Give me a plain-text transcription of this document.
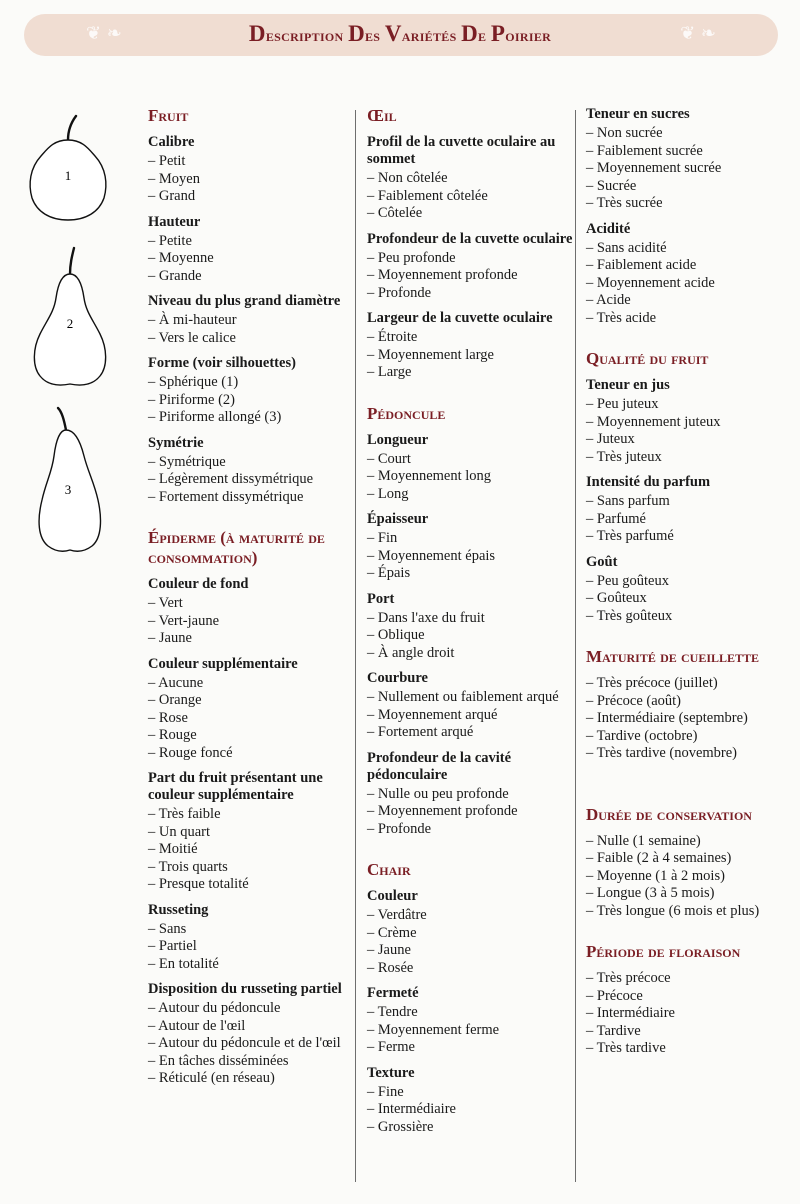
❦ ❧	❦ ❧
Description Des Variétés De Poirier
1
2
3
Fruit
Calibre
– Petit
– Moyen
– Grand
Hauteur
– Petite
– Moyenne
– Grande
Niveau du plus grand diamètre
– À mi-hauteur
– Vers le calice
Forme (voir silhouettes)
– Sphérique (1)
– Piriforme (2)
– Piriforme allongé (3)
Symétrie
– Symétrique
– Légèrement dissymétrique
– Fortement dissymétrique
Épiderme (à maturité de consommation)
Couleur de fond
– Vert
– Vert-jaune
– Jaune
Couleur supplémentaire
– Aucune
– Orange
– Rose
– Rouge
– Rouge foncé
Part du fruit présentant une couleur supplémentaire
– Très faible
– Un quart
– Moitié
– Trois quarts
– Presque totalité
Russeting
– Sans
– Partiel
– En totalité
Disposition du russeting partiel
– Autour du pédoncule
– Autour de l'œil
– Autour du pédoncule et de l'œil
– En tâches disséminées
– Réticulé (en réseau)
Œil
Profil de la cuvette oculaire au sommet
– Non côtelée
– Faiblement côtelée
– Côtelée
Profondeur de la cuvette oculaire
– Peu profonde
– Moyennement profonde
– Profonde
Largeur de la cuvette oculaire
– Étroite
– Moyennement large
– Large
Pédoncule
Longueur
– Court
– Moyennement long
– Long
Épaisseur
– Fin
– Moyennement épais
– Épais
Port
– Dans l'axe du fruit
– Oblique
– À angle droit
Courbure
– Nullement ou faiblement arqué
– Moyennement arqué
– Fortement arqué
Profondeur de la cavité pédonculaire
– Nulle ou peu profonde
– Moyennement profonde
– Profonde
Chair
Couleur
– Verdâtre
– Crème
– Jaune
– Rosée
Fermeté
– Tendre
– Moyennement ferme
– Ferme
Texture
– Fine
– Intermédiaire
– Grossière
Teneur en sucres
– Non sucrée
– Faiblement sucrée
– Moyennement sucrée
– Sucrée
– Très sucrée
Acidité
– Sans acidité
– Faiblement acide
– Moyennement acide
– Acide
– Très acide
Qualité du fruit
Teneur en jus
– Peu juteux
– Moyennement juteux
– Juteux
– Très juteux
Intensité du parfum
– Sans parfum
– Parfumé
– Très parfumé
Goût
– Peu goûteux
– Goûteux
– Très goûteux
Maturité de cueillette
– Très précoce (juillet)
– Précoce (août)
– Intermédiaire (septembre)
– Tardive (octobre)
– Très tardive (novembre)
Durée de conservation
– Nulle (1 semaine)
– Faible (2 à 4 semaines)
– Moyenne (1 à 2 mois)
– Longue (3 à 5 mois)
– Très longue (6 mois et plus)
Période de floraison
– Très précoce
– Précoce
– Intermédiaire
– Tardive
– Très tardive
